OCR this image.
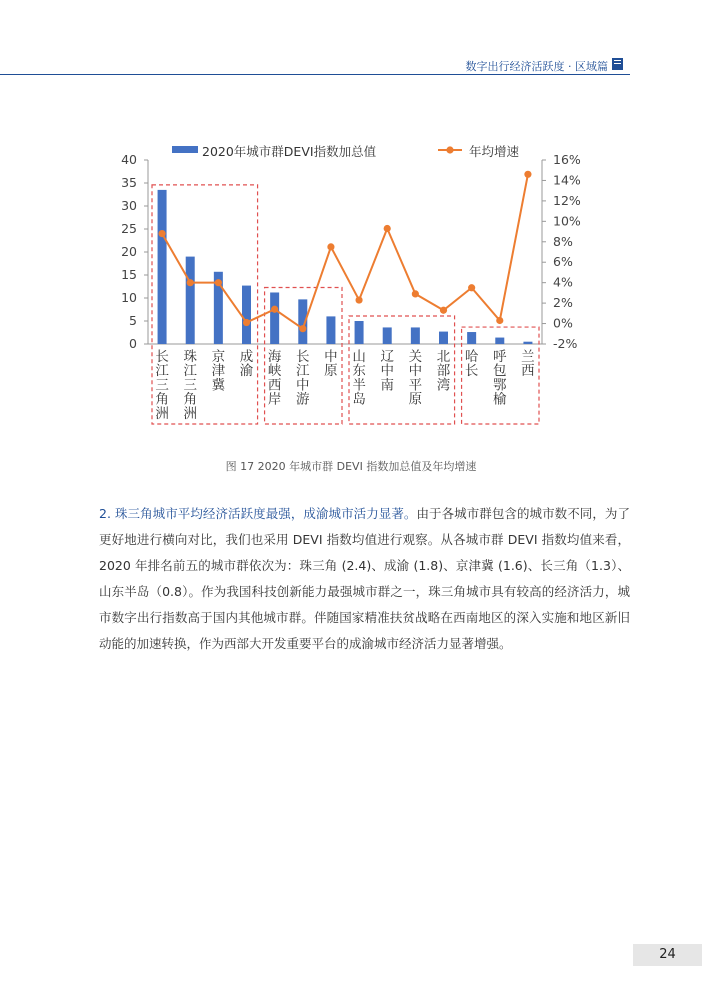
数字出行经济活跃度 · 区域篇
2020年城市群DEVI指数加总值	年均增速
0
5
10
15
20
25
30
35
40
-2%
0%
2%
4%
6%
8%
10%
12%
14%
16%
长江三角洲
珠江三角洲
京津冀
成渝
海峡西岸
长江中游
中原
山东半岛
辽中南
关中平原
北部湾
哈长
呼包鄂榆
兰西
图 17 2020 年城市群 DEVI 指数加总值及年均增速
2. 珠三角城市平均经济活跃度最强，成渝城市活力显著。由于各城市群包含的城市数不同，为了更好地进行横向对比，我们也采用 DEVI 指数均值进行观察。从各城市群 DEVI 指数均值来看，2020 年排名前五的城市群依次为：珠三角 (2.4)、成渝 (1.8)、京津冀 (1.6)、长三角（1.3）、山东半岛（0.8）。作为我国科技创新能力最强城市群之一，珠三角城市具有较高的经济活力，城市数字出行指数高于国内其他城市群。伴随国家精准扶贫战略在西南地区的深入实施和地区新旧动能的加速转换，作为西部大开发重要平台的成渝城市经济活力显著增强。
24
